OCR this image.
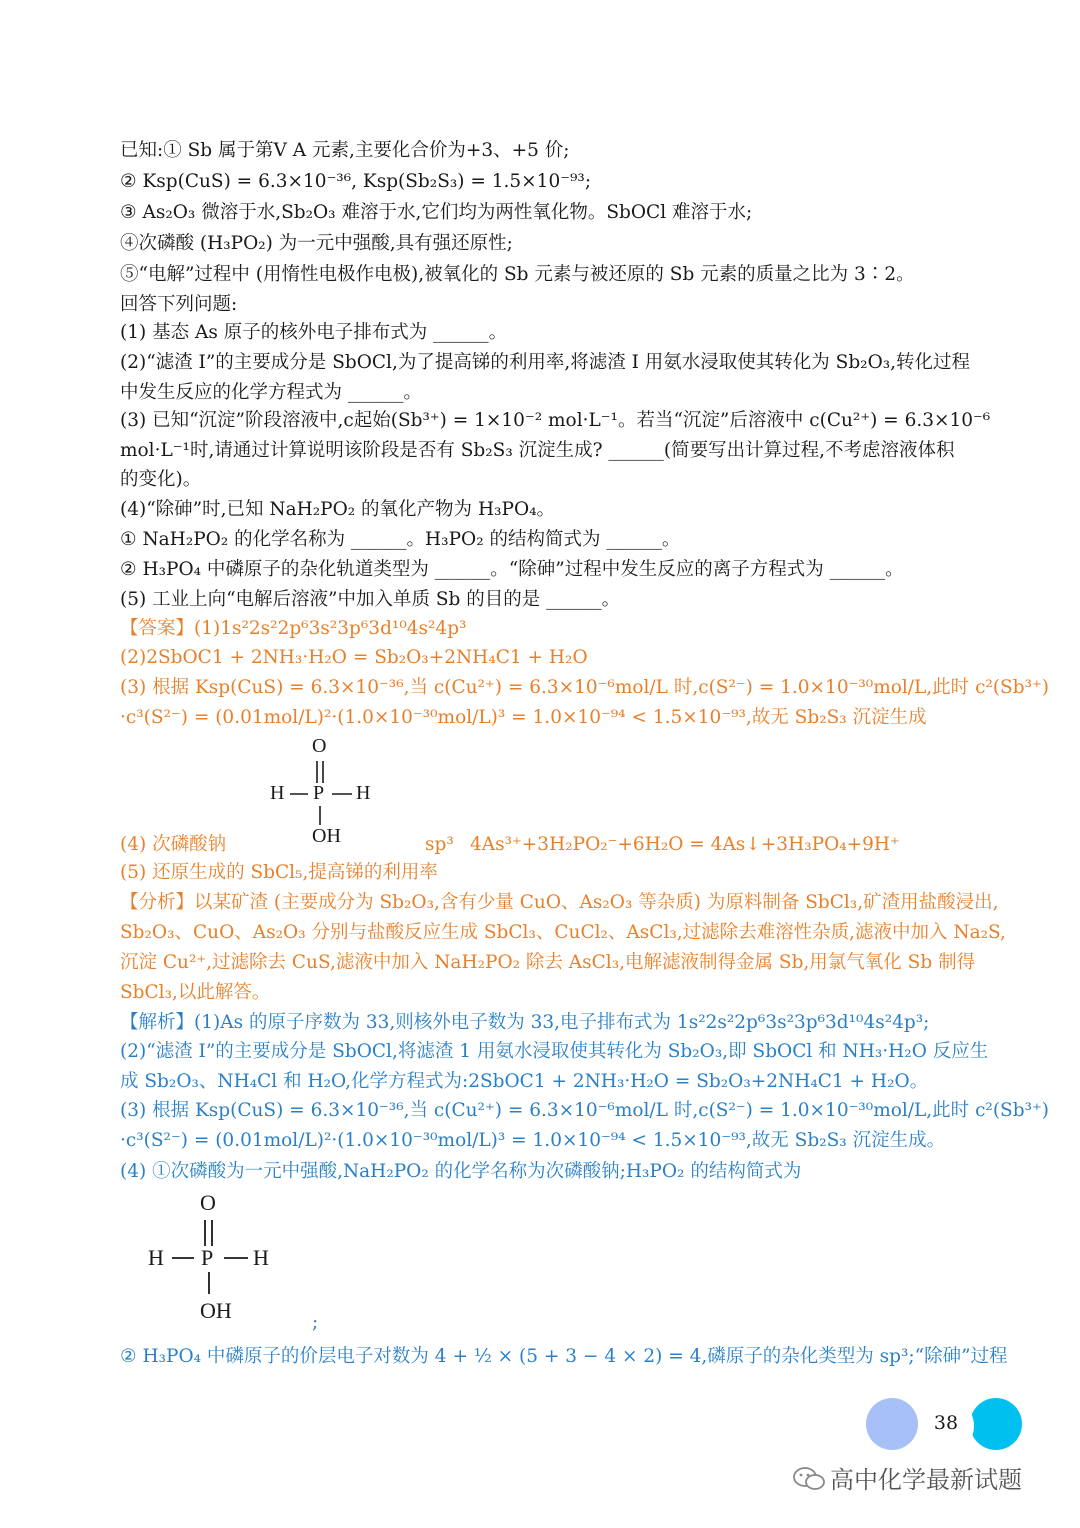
已知:① Sb 属于第Ⅴ A 元素,主要化合价为+3、+5 价;
② Ksp(CuS) = 6.3×10⁻³⁶, Ksp(Sb₂S₃) = 1.5×10⁻⁹³;
③ As₂O₃ 微溶于水,Sb₂O₃ 难溶于水,它们均为两性氧化物。SbOCl 难溶于水;
④次磷酸 (H₃PO₂) 为一元中强酸,具有强还原性;
⑤“电解”过程中 (用惰性电极作电极),被氧化的 Sb 元素与被还原的 Sb 元素的质量之比为 3∶2。
回答下列问题:
(1) 基态 As 原子的核外电子排布式为 ______。
(2)“滤渣 I”的主要成分是 SbOCl,为了提高锑的利用率,将滤渣 I 用氨水浸取使其转化为 Sb₂O₃,转化过程
中发生反应的化学方程式为 ______。
(3) 已知“沉淀”阶段溶液中,c起始(Sb³⁺) = 1×10⁻² mol·L⁻¹。若当“沉淀”后溶液中 c(Cu²⁺) = 6.3×10⁻⁶
mol·L⁻¹时,请通过计算说明该阶段是否有 Sb₂S₃ 沉淀生成? ______(简要写出计算过程,不考虑溶液体积
的变化)。
(4)“除砷”时,已知 NaH₂PO₂ 的氧化产物为 H₃PO₄。
① NaH₂PO₂ 的化学名称为 ______。H₃PO₂ 的结构简式为 ______。
② H₃PO₄ 中磷原子的杂化轨道类型为 ______。“除砷”过程中发生反应的离子方程式为 ______。
(5) 工业上向“电解后溶液”中加入单质 Sb 的目的是 ______。
【答案】(1)1s²2s²2p⁶3s²3p⁶3d¹⁰4s²4p³
(2)2SbOC1 + 2NH₃·H₂O = Sb₂O₃+2NH₄C1 + H₂O
(3) 根据 Ksp(CuS) = 6.3×10⁻³⁶,当 c(Cu²⁺) = 6.3×10⁻⁶mol/L 时,c(S²⁻) = 1.0×10⁻³⁰mol/L,此时 c²(Sb³⁺)
·c³(S²⁻) = (0.01mol/L)²·(1.0×10⁻³⁰mol/L)³ = 1.0×10⁻⁹⁴ < 1.5×10⁻⁹³,故无 Sb₂S₃ 沉淀生成
O
H P H
OH
(4) 次磷酸钠	sp³ 4As³⁺+3H₂PO₂⁻+6H₂O = 4As↓+3H₃PO₄+9H⁺
(5) 还原生成的 SbCl₅,提高锑的利用率
【分析】以某矿渣 (主要成分为 Sb₂O₃,含有少量 CuO、As₂O₃ 等杂质) 为原料制备 SbCl₃,矿渣用盐酸浸出,
Sb₂O₃、CuO、As₂O₃ 分别与盐酸反应生成 SbCl₃、CuCl₂、AsCl₃,过滤除去难溶性杂质,滤液中加入 Na₂S,
沉淀 Cu²⁺,过滤除去 CuS,滤液中加入 NaH₂PO₂ 除去 AsCl₃,电解滤液制得金属 Sb,用氯气氧化 Sb 制得
SbCl₃,以此解答。
【解析】(1)As 的原子序数为 33,则核外电子数为 33,电子排布式为 1s²2s²2p⁶3s²3p⁶3d¹⁰4s²4p³;
(2)“滤渣 I”的主要成分是 SbOCl,将滤渣 1 用氨水浸取使其转化为 Sb₂O₃,即 SbOCl 和 NH₃·H₂O 反应生
成 Sb₂O₃、NH₄Cl 和 H₂O,化学方程式为:2SbOC1 + 2NH₃·H₂O = Sb₂O₃+2NH₄C1 + H₂O。
(3) 根据 Ksp(CuS) = 6.3×10⁻³⁶,当 c(Cu²⁺) = 6.3×10⁻⁶mol/L 时,c(S²⁻) = 1.0×10⁻³⁰mol/L,此时 c²(Sb³⁺)
·c³(S²⁻) = (0.01mol/L)²·(1.0×10⁻³⁰mol/L)³ = 1.0×10⁻⁹⁴ < 1.5×10⁻⁹³,故无 Sb₂S₃ 沉淀生成。
(4) ①次磷酸为一元中强酸,NaH₂PO₂ 的化学名称为次磷酸钠;H₃PO₂ 的结构简式为
O
H P H
OH	;
② H₃PO₄ 中磷原子的价层电子对数为 4 + ½ × (5 + 3 − 4 × 2) = 4,磷原子的杂化类型为 sp³;“除砷”过程
38
高中化学最新试题
